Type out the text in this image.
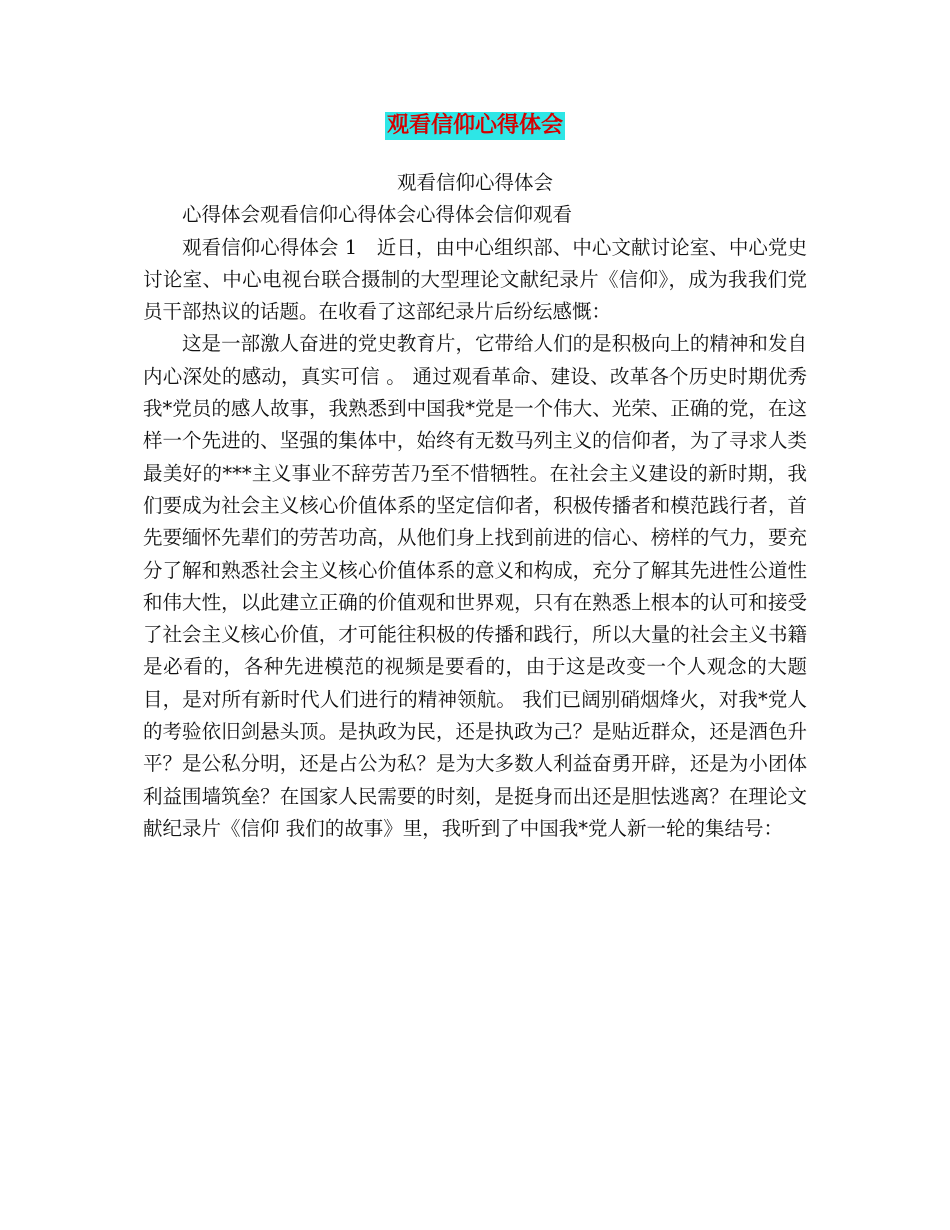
观看信仰心得体会

观看信仰心得体会

心得体会观看信仰心得体会心得体会信仰观看

观看信仰心得体会 1　近日，由中心组织部、中心文献讨论室、中心党史讨论室、中心电视台联合摄制的大型理论文献纪录片《信仰》，成为我我们党员干部热议的话题。在收看了这部纪录片后纷纭感慨：

这是一部激人奋进的党史教育片，它带给人们的是积极向上的精神和发自内心深处的感动，真实可信 。 通过观看革命、建设、改革各个历史时期优秀我*党员的感人故事，我熟悉到中国我*党是一个伟大、光荣、正确的党，在这样一个先进的、坚强的集体中，始终有无数马列主义的信仰者，为了寻求人类最美好的***主义事业不辞劳苦乃至不惜牺牲。在社会主义建设的新时期，我们要成为社会主义核心价值体系的坚定信仰者，积极传播者和模范践行者，首先要缅怀先辈们的劳苦功高，从他们身上找到前进的信心、榜样的气力，要充分了解和熟悉社会主义核心价值体系的意义和构成，充分了解其先进性公道性和伟大性，以此建立正确的价值观和世界观，只有在熟悉上根本的认可和接受了社会主义核心价值，才可能往积极的传播和践行，所以大量的社会主义书籍是必看的，各种先进模范的视频是要看的，由于这是改变一个人观念的大题目，是对所有新时代人们进行的精神领航。 我们已阔别硝烟烽火，对我*党人的考验依旧剑悬头顶。是执政为民，还是执政为己？是贴近群众，还是酒色升平？是公私分明，还是占公为私？是为大多数人利益奋勇开辟，还是为小团体利益围墙筑垒？在国家人民需要的时刻，是挺身而出还是胆怯逃离？在理论文献纪录片《信仰 我们的故事》里，我听到了中国我*党人新一轮的集结号：
